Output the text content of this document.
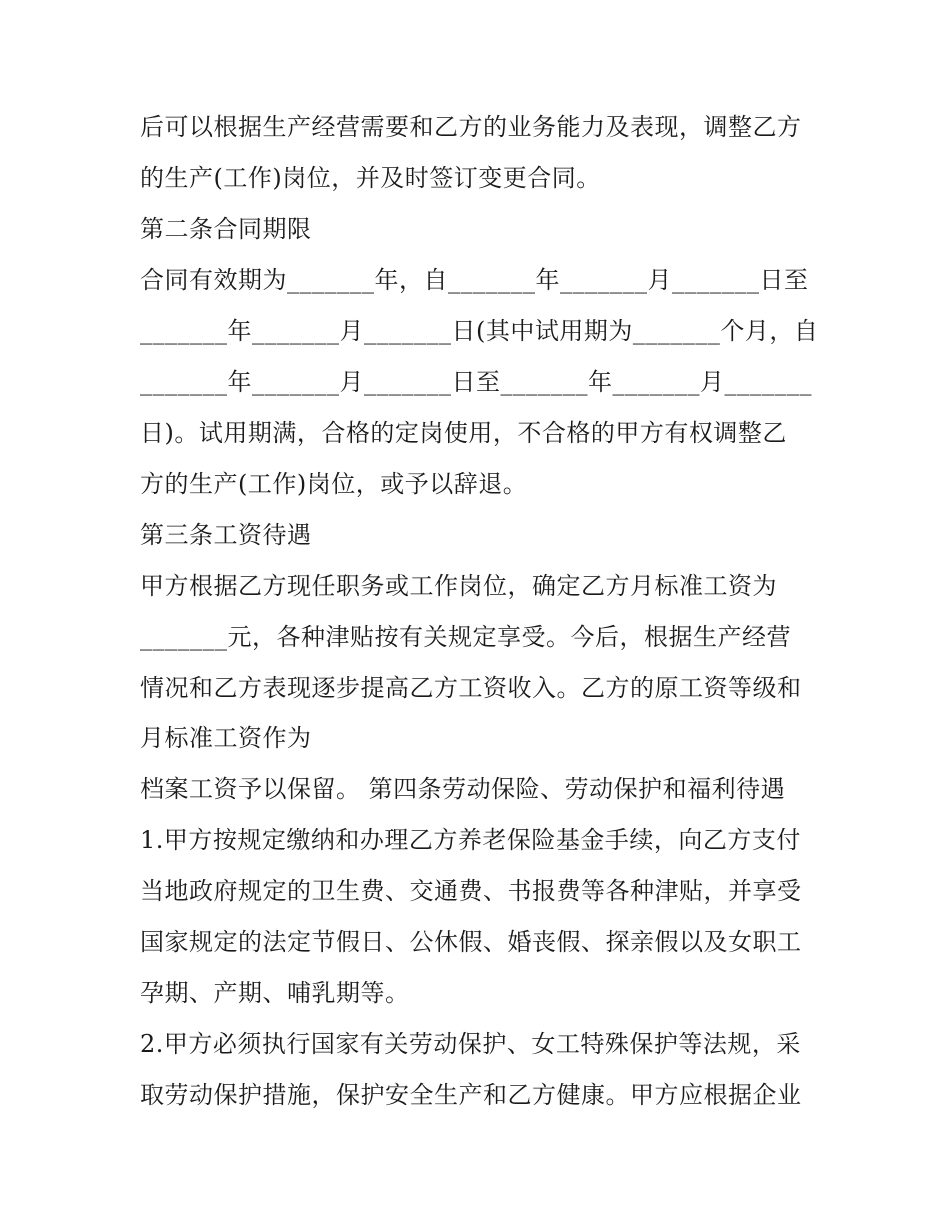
后可以根据生产经营需要和乙方的业务能力及表现，调整乙方
的生产(工作)岗位，并及时签订变更合同。
第二条合同期限
合同有效期为_______年，自_______年_______月_______日至
_______年_______月_______日(其中试用期为_______个月，自
_______年_______月_______日至_______年_______月_______
日)。试用期满，合格的定岗使用，不合格的甲方有权调整乙
方的生产(工作)岗位，或予以辞退。
第三条工资待遇
甲方根据乙方现任职务或工作岗位，确定乙方月标准工资为
_______元，各种津贴按有关规定享受。今后，根据生产经营
情况和乙方表现逐步提高乙方工资收入。乙方的原工资等级和
月标准工资作为
档案工资予以保留。 第四条劳动保险、劳动保护和福利待遇
1.甲方按规定缴纳和办理乙方养老保险基金手续，向乙方支付
当地政府规定的卫生费、交通费、书报费等各种津贴，并享受
国家规定的法定节假日、公休假、婚丧假、探亲假以及女职工
孕期、产期、哺乳期等。
2.甲方必须执行国家有关劳动保护、女工特殊保护等法规，采
取劳动保护措施，保护安全生产和乙方健康。甲方应根据企业
